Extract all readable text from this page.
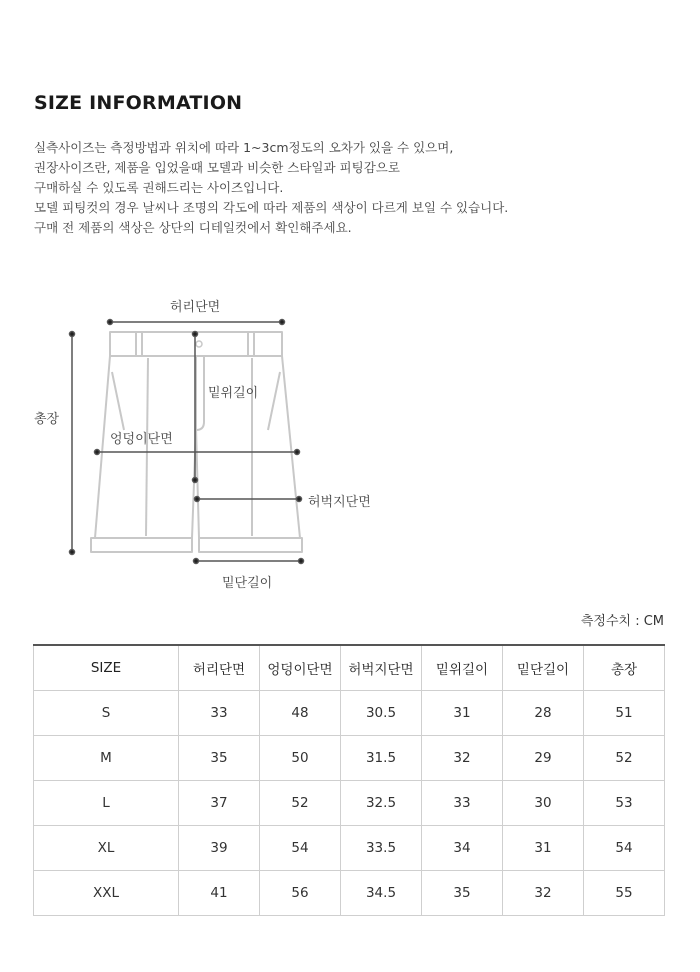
SIZE INFORMATION

실측사이즈는 측정방법과 위치에 따라 1~3cm정도의 오차가 있을 수 있으며,

권장사이즈란, 제품을 입었을때 모델과 비슷한 스타일과 피팅감으로

구매하실 수 있도록 권해드리는 사이즈입니다.

모델 피팅컷의 경우 날씨나 조명의 각도에 따라 제품의 색상이 다르게 보일 수 있습니다.

구매 전 제품의 색상은 상단의 디테일컷에서 확인해주세요.

허리단면
총장
밑위길이
엉덩이단면
허벅지단면
밑단길이
측정수치 : CM
SIZE	허리단면	엉덩이단면	허벅지단면	밑위길이	밑단길이	총장
S	33	48	30.5	31	28	51
M	35	50	31.5	32	29	52
L	37	52	32.5	33	30	53
XL	39	54	33.5	34	31	54
XXL	41	56	34.5	35	32	55
